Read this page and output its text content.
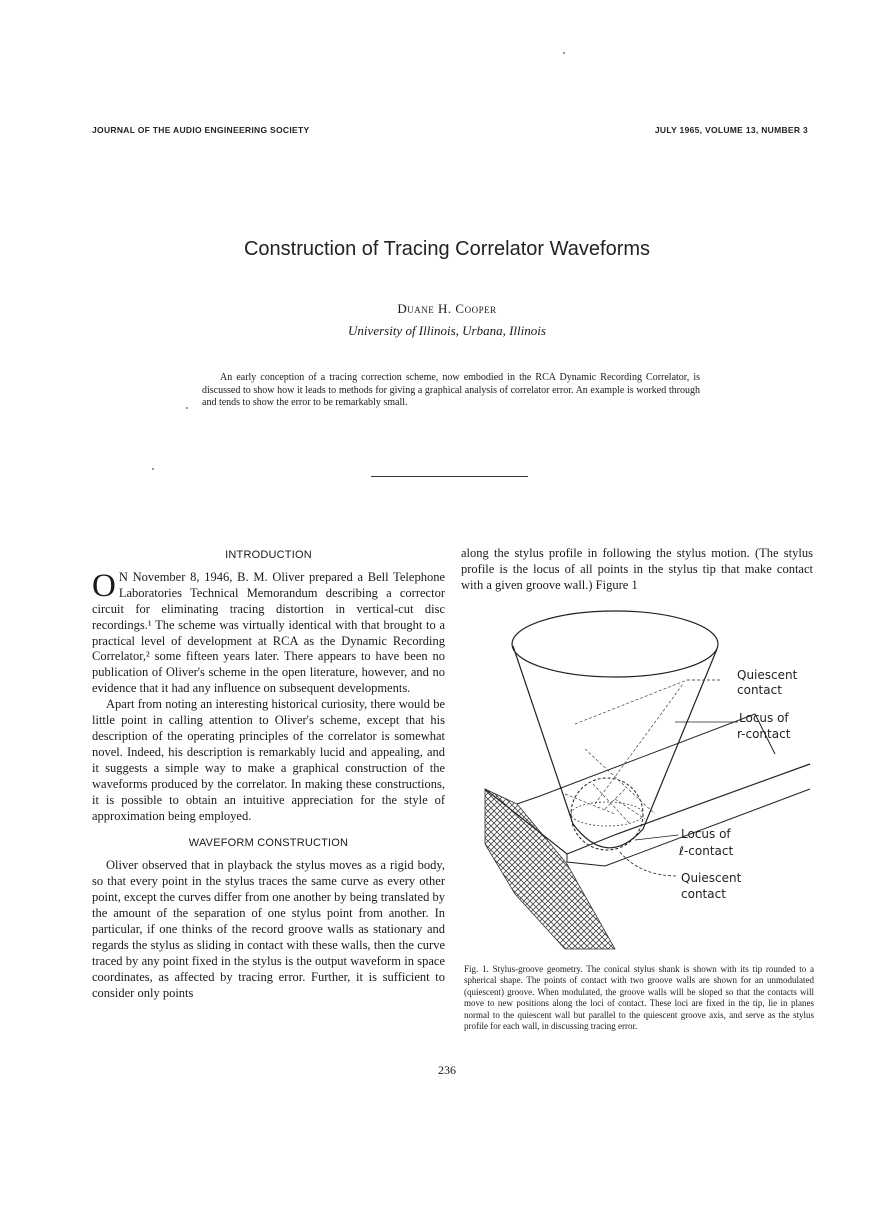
JOURNAL OF THE AUDIO ENGINEERING SOCIETY	JULY 1965, VOLUME 13, NUMBER 3
Construction of Tracing Correlator Waveforms
Duane H. Cooper
University of Illinois, Urbana, Illinois
An early conception of a tracing correction scheme, now embodied in the RCA Dynamic Recording Correlator, is discussed to show how it leads to methods for giving a graphical analysis of correlator error. An example is worked through and tends to show the error to be remarkably small.
INTRODUCTION

O N November 8, 1946, B. M. Oliver prepared a Bell Telephone Laboratories Technical Memorandum describing a corrector circuit for eliminating tracing distortion in vertical-cut disc recordings.¹ The scheme was virtually identical with that brought to a practical level of development at RCA as the Dynamic Recording Correlator,² some fifteen years later. There appears to have been no publication of Oliver's scheme in the open literature, however, and no evidence that it had any influence on subsequent developments.

Apart from noting an interesting historical curiosity, there would be little point in calling attention to Oliver's scheme, except that his description of the operating principles of the correlator is somewhat novel. Indeed, his description is remarkably lucid and appealing, and it suggests a simple way to make a graphical construction of the waveforms produced by the correlator. In making these constructions, it is possible to obtain an intuitive appreciation for the style of approximation being employed.

WAVEFORM CONSTRUCTION

Oliver observed that in playback the stylus moves as a rigid body, so that every point in the stylus traces the same curve as every other point, except the curves differ from one another by being translated by the amount of the separation of one stylus point from another. In particular, if one thinks of the record groove walls as stationary and regards the stylus as sliding in contact with these walls, then the curve traced by any point fixed in the stylus is the output waveform in space coordinates, as affected by tracing error. Further, it is sufficient to consider only points

along the stylus profile in following the stylus motion. (The stylus profile is the locus of all points in the stylus tip that make contact with a given groove wall.) Figure 1

Quiescent
contact
Locus of
r-contact
Locus of
ℓ-contact
Quiescent
contact
Fig. 1. Stylus-groove geometry. The conical stylus shank is shown with its tip rounded to a spherical shape. The points of contact with two groove walls are shown for an unmodulated (quiescent) groove. When modulated, the groove walls will be sloped so that the contacts will move to new positions along the loci of contact. These loci are fixed in the tip, lie in planes normal to the quiescent wall but parallel to the quiescent groove axis, and serve as the stylus profile for each wall, in discussing tracing error.
236
